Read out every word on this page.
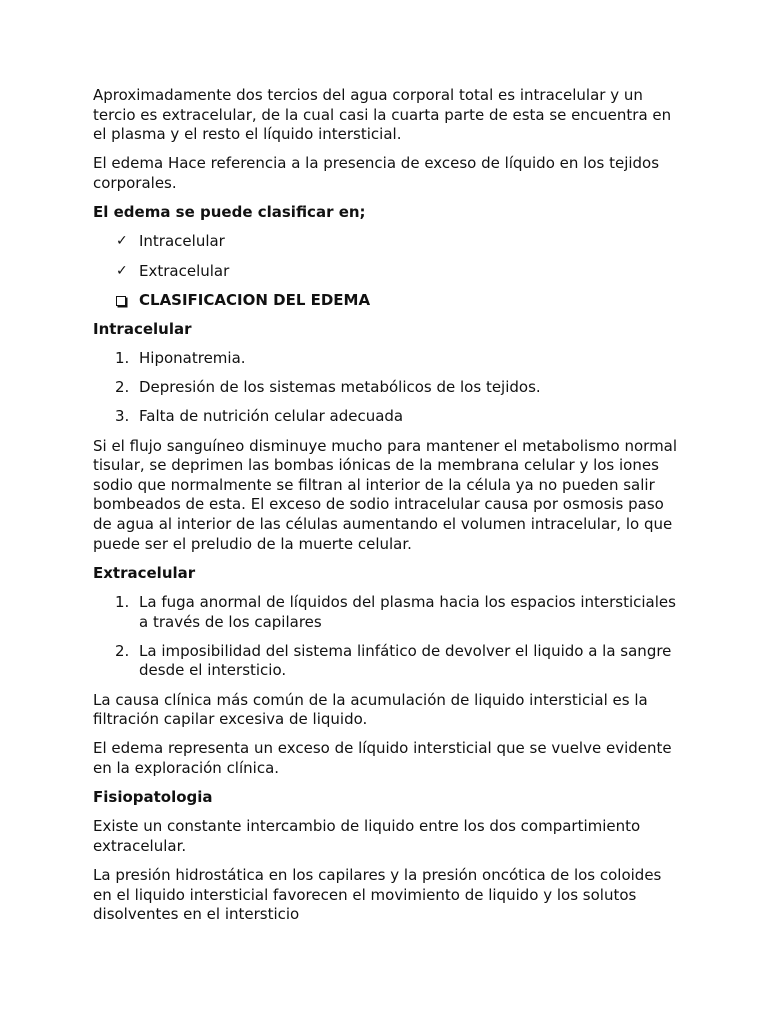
Aproximadamente dos tercios del agua corporal total es intracelular y un tercio es extracelular, de la cual casi la cuarta parte de esta se encuentra en el plasma y el resto el líquido intersticial.

El edema Hace referencia a la presencia de exceso de líquido en los tejidos corporales.

El edema se puede clasificar en;

✓ Intracelular
✓ Extracelular
CLASIFICACION DEL EDEMA

Intracelular

1. Hiponatremia.
2. Depresión de los sistemas metabólicos de los tejidos.
3. Falta de nutrición celular adecuada

Si el flujo sanguíneo disminuye mucho para mantener el metabolismo normal tisular, se deprimen las bombas iónicas de la membrana celular y los iones sodio que normalmente se filtran al interior de la célula ya no pueden salir bombeados de esta. El exceso de sodio intracelular causa por osmosis paso de agua al interior de las células aumentando el volumen intracelular, lo que puede ser el preludio de la muerte celular.

Extracelular

1. La fuga anormal de líquidos del plasma hacia los espacios intersticiales a través de los capilares
2. La imposibilidad del sistema linfático de devolver el liquido a la sangre desde el intersticio.

La causa clínica más común de la acumulación de liquido intersticial es la filtración capilar excesiva de liquido.

El edema representa un exceso de líquido intersticial que se vuelve evidente en la exploración clínica.

Fisiopatologia

Existe un constante intercambio de liquido entre los dos compartimiento extracelular.

La presión hidrostática en los capilares y la presión oncótica de los coloides en el liquido intersticial favorecen el movimiento de liquido y los solutos disolventes en el intersticio
